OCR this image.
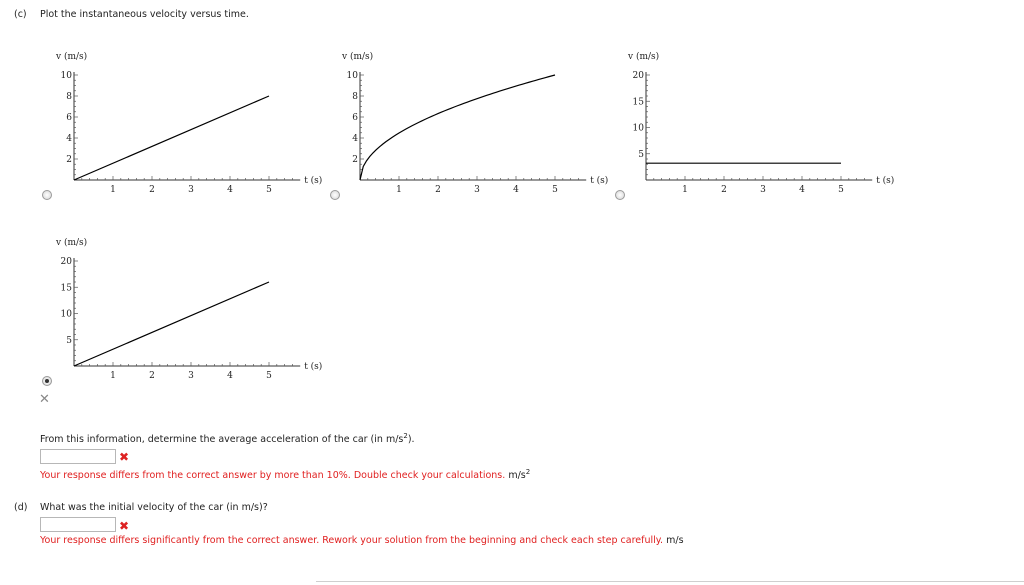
(c) Plot the instantaneous velocity versus time.
10
8
6
4
2
1	2	3	4	5
v (m/s)
t (s)
10
8
6
4
2
1	2	3	4	5
v (m/s)
t (s)
20
15
10
5
1	2	3	4	5
v (m/s)
t (s)
20
15
10
5
1	2	3	4	5
v (m/s)
t (s)
✕
From this information, determine the average acceleration of the car (in $m/s^2$).
✖
Your response differs from the correct answer by more than 10%. Double check your calculations. $m/s^2$
(d) What was the initial velocity of the car (in m/s)?
✖
Your response differs significantly from the correct answer. Rework your solution from the beginning and check each step carefully. m/s
